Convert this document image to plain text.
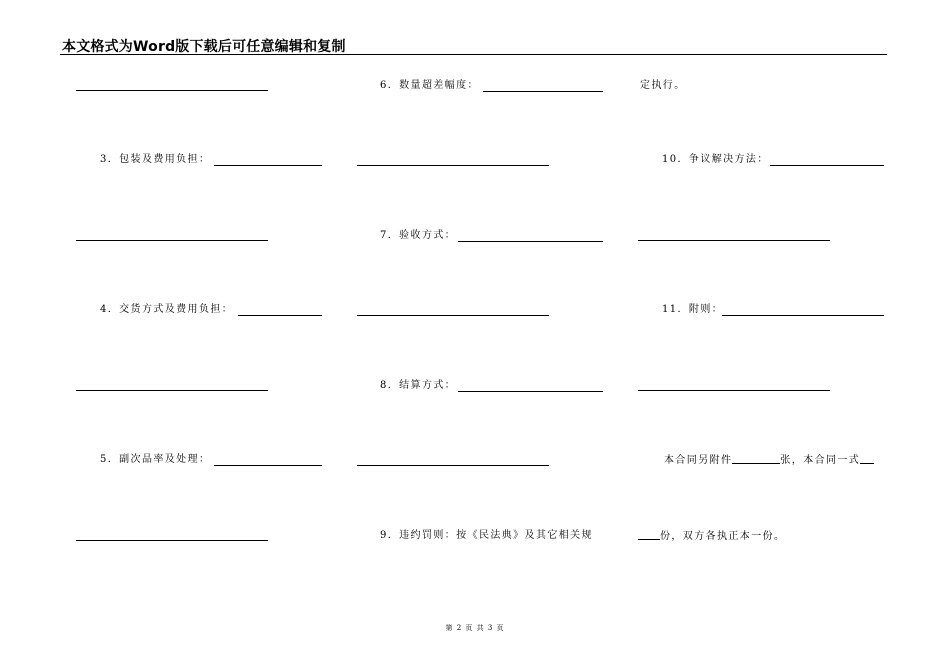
本文格式为Word版下载后可任意编辑和复制
3．包装及费用负担：
4．交货方式及费用负担：
5．副次品率及处理：
6．数量超差幅度：
7．验收方式：
8．结算方式：
9．违约罚则：按《民法典》及其它相关规
定执行。
10．争议解决方法：
11．附则：
本合同另附件	张，本合同一式
份，双方各执正本一份。
第 2 页 共 3 页
